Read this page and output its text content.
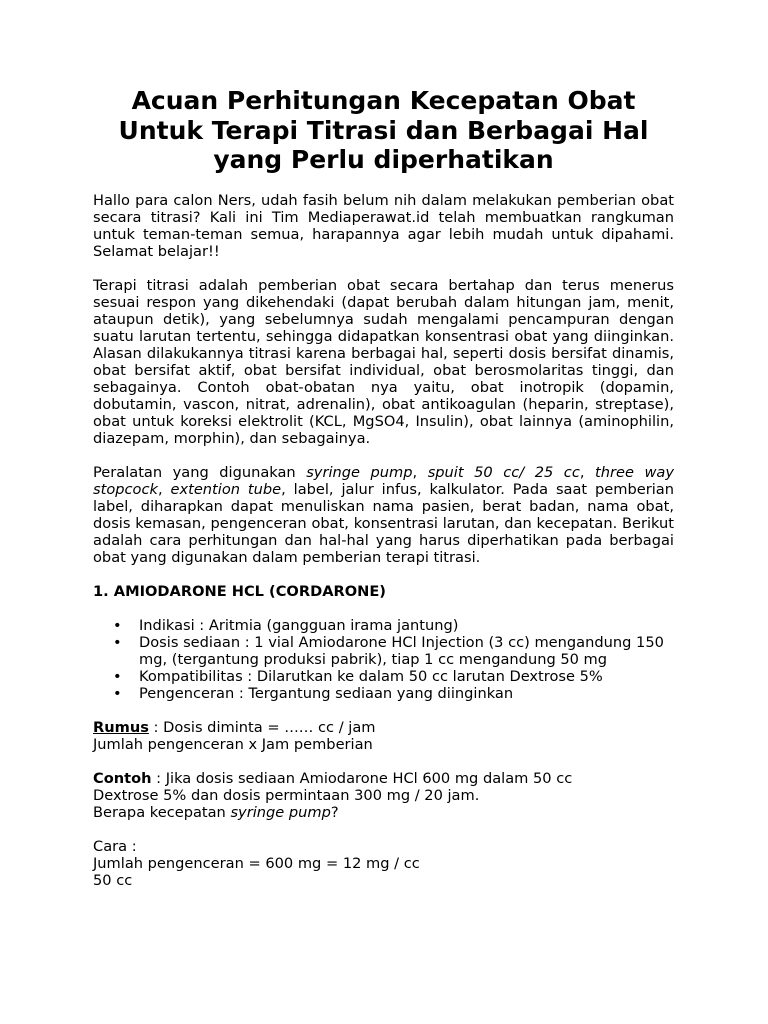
Acuan Perhitungan Kecepatan Obat
Untuk Terapi Titrasi dan Berbagai Hal
yang Perlu diperhatikan

Hallo para calon Ners, udah fasih belum nih dalam melakukan pemberian obat secara titrasi? Kali ini Tim Mediaperawat.id telah membuatkan rangkuman untuk teman-teman semua, harapannya agar lebih mudah untuk dipahami. Selamat belajar!!

Terapi titrasi adalah pemberian obat secara bertahap dan terus menerus sesuai respon yang dikehendaki (dapat berubah dalam hitungan jam, menit, ataupun detik), yang sebelumnya sudah mengalami pencampuran dengan suatu larutan tertentu, sehingga didapatkan konsentrasi obat yang diinginkan. Alasan dilakukannya titrasi karena berbagai hal, seperti dosis bersifat dinamis, obat bersifat aktif, obat bersifat individual, obat berosmolaritas tinggi, dan sebagainya. Contoh obat-obatan nya yaitu, obat inotropik (dopamin, dobutamin, vascon, nitrat, adrenalin), obat antikoagulan (heparin, streptase), obat untuk koreksi elektrolit (KCL, MgSO4, Insulin), obat lainnya (aminophilin, diazepam, morphin), dan sebagainya.

Peralatan yang digunakan syringe pump, spuit 50 cc/ 25 cc, three way stopcock, extention tube, label, jalur infus, kalkulator. Pada saat pemberian label, diharapkan dapat menuliskan nama pasien, berat badan, nama obat, dosis kemasan, pengenceran obat, konsentrasi larutan, dan kecepatan. Berikut adalah cara perhitungan dan hal-hal yang harus diperhatikan pada berbagai obat yang digunakan dalam pemberian terapi titrasi.

1. AMIODARONE HCL (CORDARONE)
• Indikasi : Aritmia (gangguan irama jantung)
• Dosis sediaan : 1 vial Amiodarone HCl Injection (3 cc) mengandung 150 mg, (tergantung produksi pabrik), tiap 1 cc mengandung 50 mg
• Kompatibilitas : Dilarutkan ke dalam 50 cc larutan Dextrose 5%
• Pengenceran : Tergantung sediaan yang diinginkan

Rumus : Dosis diminta = …… cc / jam

Jumlah pengenceran x Jam pemberian

Contoh : Jika dosis sediaan Amiodarone HCl 600 mg dalam 50 cc

Dextrose 5% dan dosis permintaan 300 mg / 20 jam.

Berapa kecepatan syringe pump?

Cara :

Jumlah pengenceran = 600 mg = 12 mg / cc

50 cc
